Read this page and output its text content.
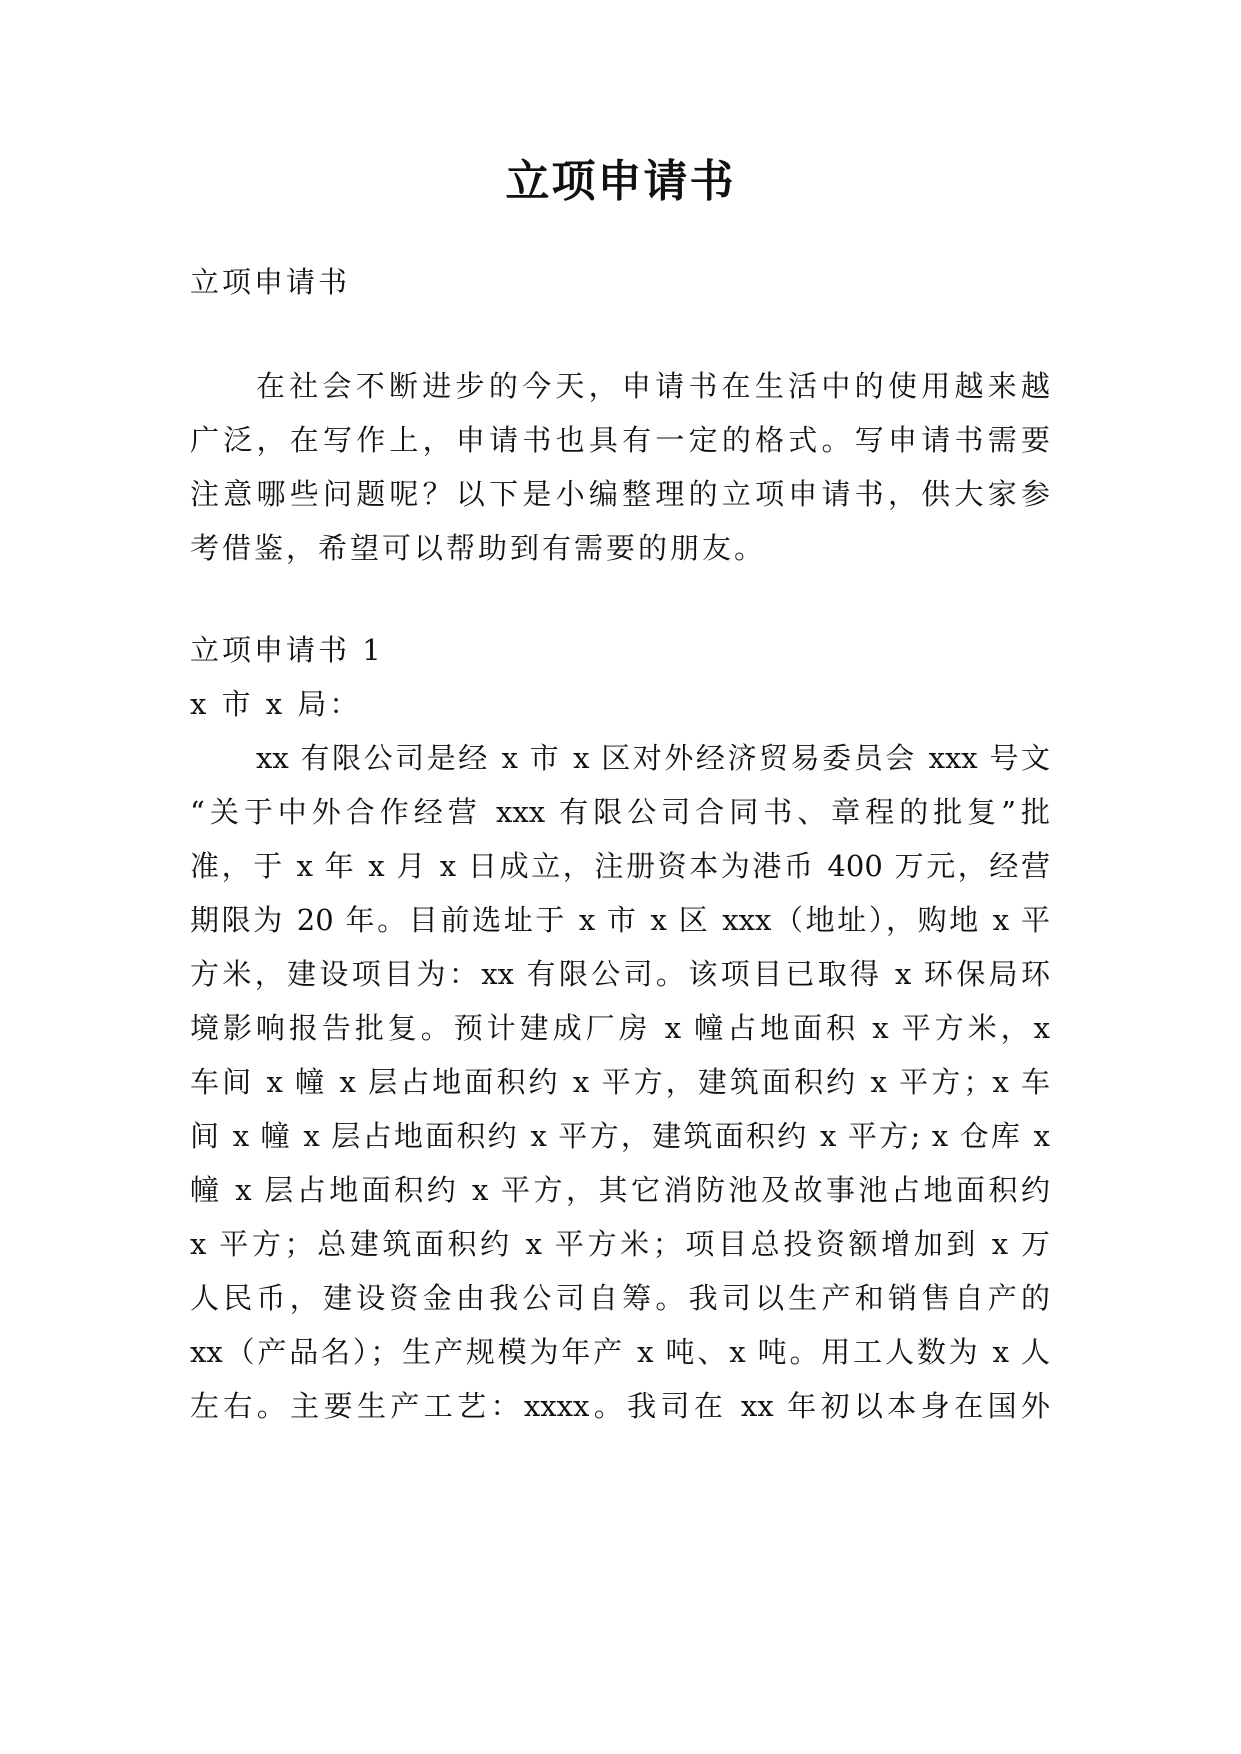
立项申请书
立项申请书
在社会不断进步的今天，申请书在生活中的使用越来越
广泛，在写作上，申请书也具有一定的格式。写申请书需要
注意哪些问题呢？以下是小编整理的立项申请书，供大家参
考借鉴，希望可以帮助到有需要的朋友。
立项申请书 1
x 市 x 局：
xx 有限公司是经 x 市 x 区对外经济贸易委员会 xxx 号文
“关于中外合作经营 xxx 有限公司合同书、章程的批复”批
准，于 x 年 x 月 x 日成立，注册资本为港币 400 万元，经营
期限为 20 年。目前选址于 x 市 x 区 xxx（地址），购地 x 平
方米，建设项目为：xx 有限公司。该项目已取得 x 环保局环
境影响报告批复。预计建成厂房 x 幢占地面积 x 平方米，x
车间 x 幢 x 层占地面积约 x 平方，建筑面积约 x 平方；x 车
间 x 幢 x 层占地面积约 x 平方，建筑面积约 x 平方; x 仓库 x
幢 x 层占地面积约 x 平方，其它消防池及故事池占地面积约
x 平方；总建筑面积约 x 平方米；项目总投资额增加到 x 万
人民币，建设资金由我公司自筹。我司以生产和销售自产的
xx（产品名）；生产规模为年产 x 吨、x 吨。用工人数为 x 人
左右。主要生产工艺：xxxx。我司在 xx 年初以本身在国外
